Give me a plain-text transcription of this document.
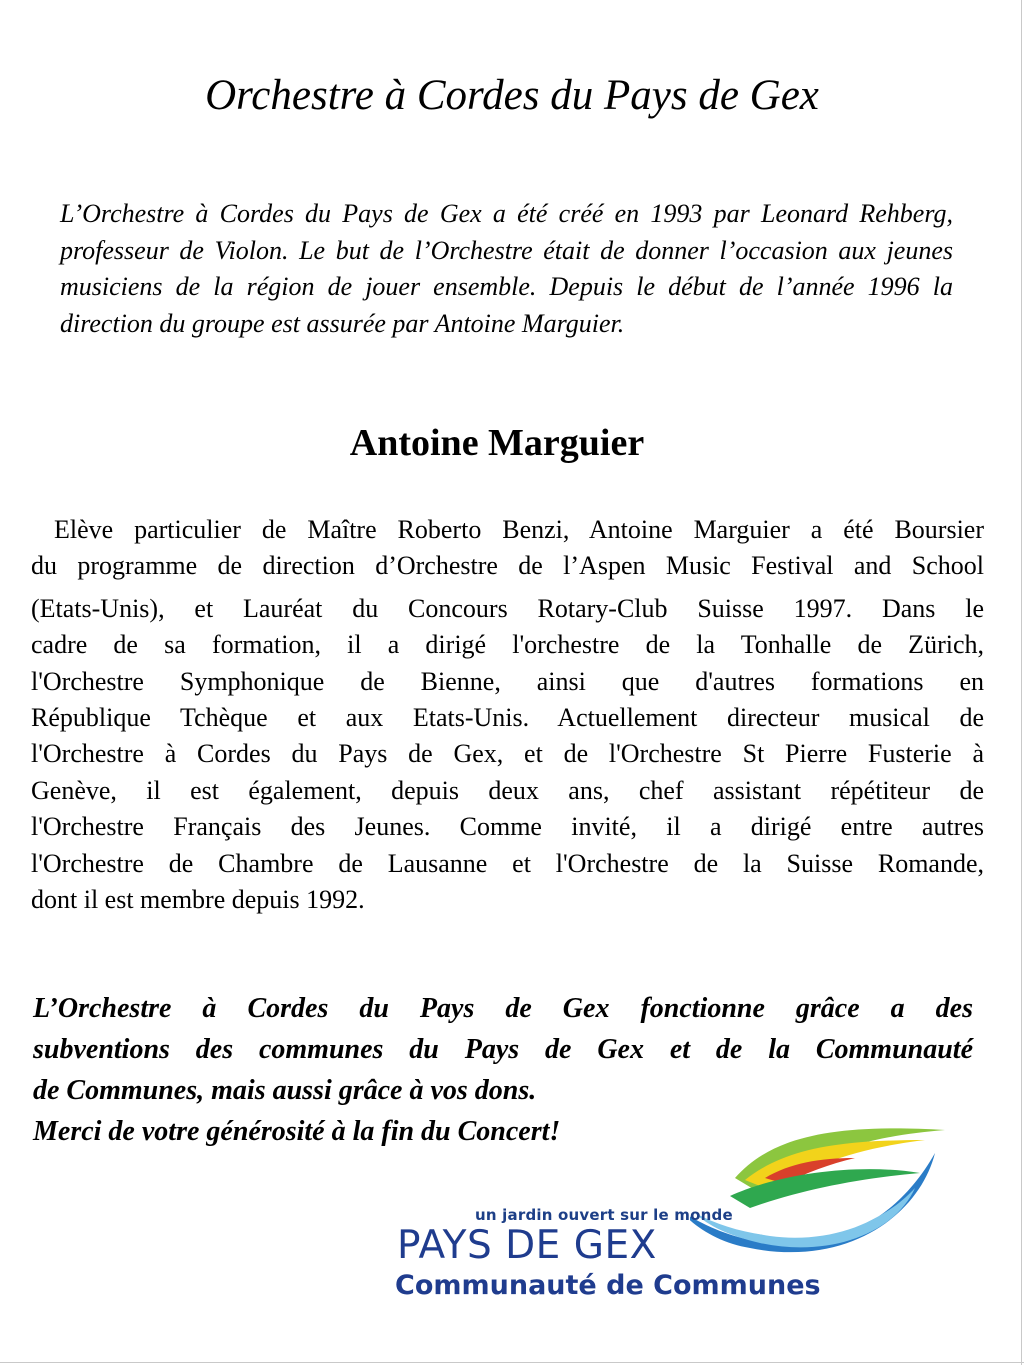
Orchestre à Cordes du Pays de Gex

L’Orchestre à Cordes du Pays de Gex a été créé en 1993 par Leonard Rehberg, professeur de Violon. Le but de l’Orchestre était de donner l’occasion aux jeunes musiciens de la région de jouer ensemble. Depuis le début de l’année 1996 la direction du groupe est assurée par Antoine Marguier.

Antoine Marguier

Elève particulier de Maître Roberto Benzi, Antoine Marguier a été Boursier
du programme de direction d’Orchestre de l’Aspen Music Festival and School
(Etats-Unis), et Lauréat du Concours Rotary-Club Suisse 1997. Dans le
cadre de sa formation, il a dirigé l'orchestre de la Tonhalle de Zürich,
l'Orchestre Symphonique de Bienne, ainsi que d'autres formations en
République Tchèque et aux Etats-Unis. Actuellement directeur musical de
l'Orchestre à Cordes du Pays de Gex, et de l'Orchestre St Pierre Fusterie à
Genève, il est également, depuis deux ans, chef assistant répétiteur de
l'Orchestre Français des Jeunes. Comme invité, il a dirigé entre autres
l'Orchestre de Chambre de Lausanne et l'Orchestre de la Suisse Romande,
dont il est membre depuis 1992.

L’Orchestre à Cordes du Pays de Gex fonctionne grâce a des
subventions des communes du Pays de Gex et de la Communauté
de Communes, mais aussi grâce à vos dons.
Merci de votre générosité à la fin du Concert!

un jardin ouvert sur le monde
PAYS DE GEX
Communauté de Communes
